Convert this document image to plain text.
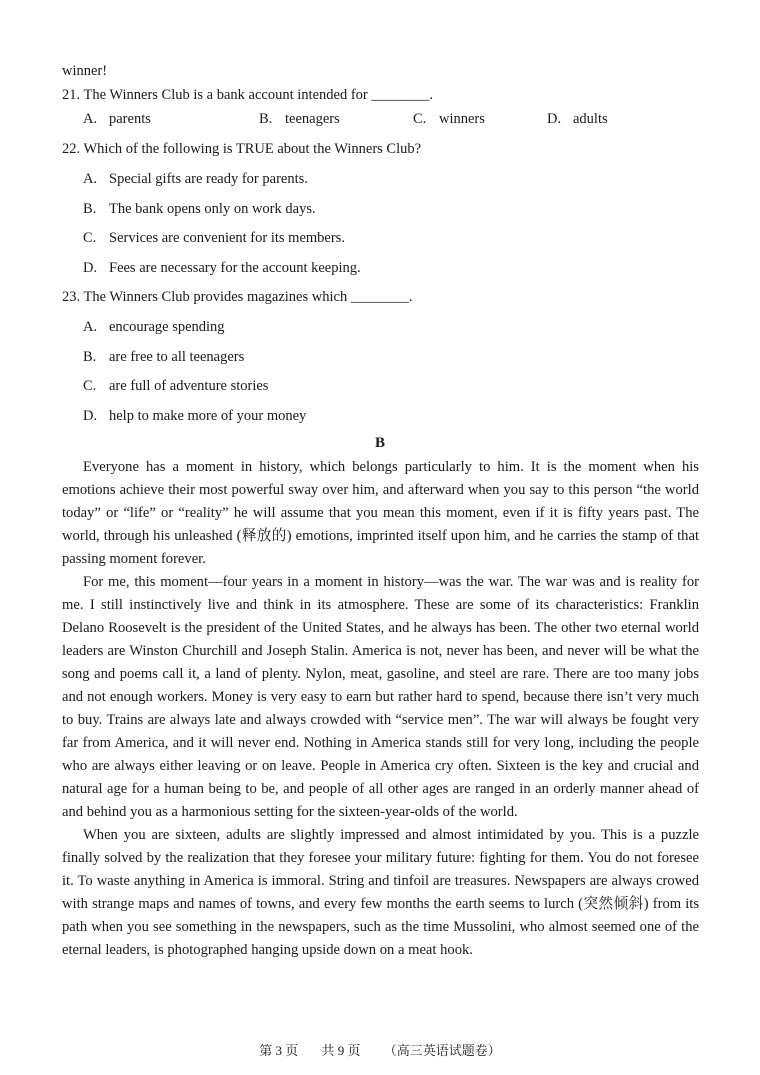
winner!
21. The Winners Club is a bank account intended for ________.
A. parents	B. teenagers	C. winners	D. adults
22. Which of the following is TRUE about the Winners Club?
A. Special gifts are ready for parents.
B. The bank opens only on work days.
C. Services are convenient for its members.
D. Fees are necessary for the account keeping.
23. The Winners Club provides magazines which ________.
A. encourage spending
B. are free to all teenagers
C. are full of adventure stories
D. help to make more of your money
B

Everyone has a moment in history, which belongs particularly to him. It is the moment when his emotions achieve their most powerful sway over him, and afterward when you say to this person “the world today” or “life” or “reality” he will assume that you mean this moment, even if it is fifty years past. The world, through his unleashed (释放的) emotions, imprinted itself upon him, and he carries the stamp of that passing moment forever.

For me, this moment—four years in a moment in history—was the war. The war was and is reality for me. I still instinctively live and think in its atmosphere. These are some of its characteristics: Franklin Delano Roosevelt is the president of the United States, and he always has been. The other two eternal world leaders are Winston Churchill and Joseph Stalin. America is not, never has been, and never will be what the song and poems call it, a land of plenty. Nylon, meat, gasoline, and steel are rare. There are too many jobs and not enough workers. Money is very easy to earn but rather hard to spend, because there isn’t very much to buy. Trains are always late and always crowded with “service men”. The war will always be fought very far from America, and it will never end. Nothing in America stands still for very long, including the people who are always either leaving or on leave. People in America cry often. Sixteen is the key and crucial and natural age for a human being to be, and people of all other ages are ranged in an orderly manner ahead of and behind you as a harmonious setting for the sixteen-year-olds of the world.

When you are sixteen, adults are slightly impressed and almost intimidated by you. This is a puzzle finally solved by the realization that they foresee your military future: fighting for them. You do not foresee it. To waste anything in America is immoral. String and tinfoil are treasures. Newspapers are always crowed with strange maps and names of towns, and every few months the earth seems to lurch (突然倾斜) from its path when you see something in the newspapers, such as the time Mussolini, who almost seemed one of the eternal leaders, is photographed hanging upside down on a meat hook.

第 3 页 共 9 页 （高三英语试题卷）
